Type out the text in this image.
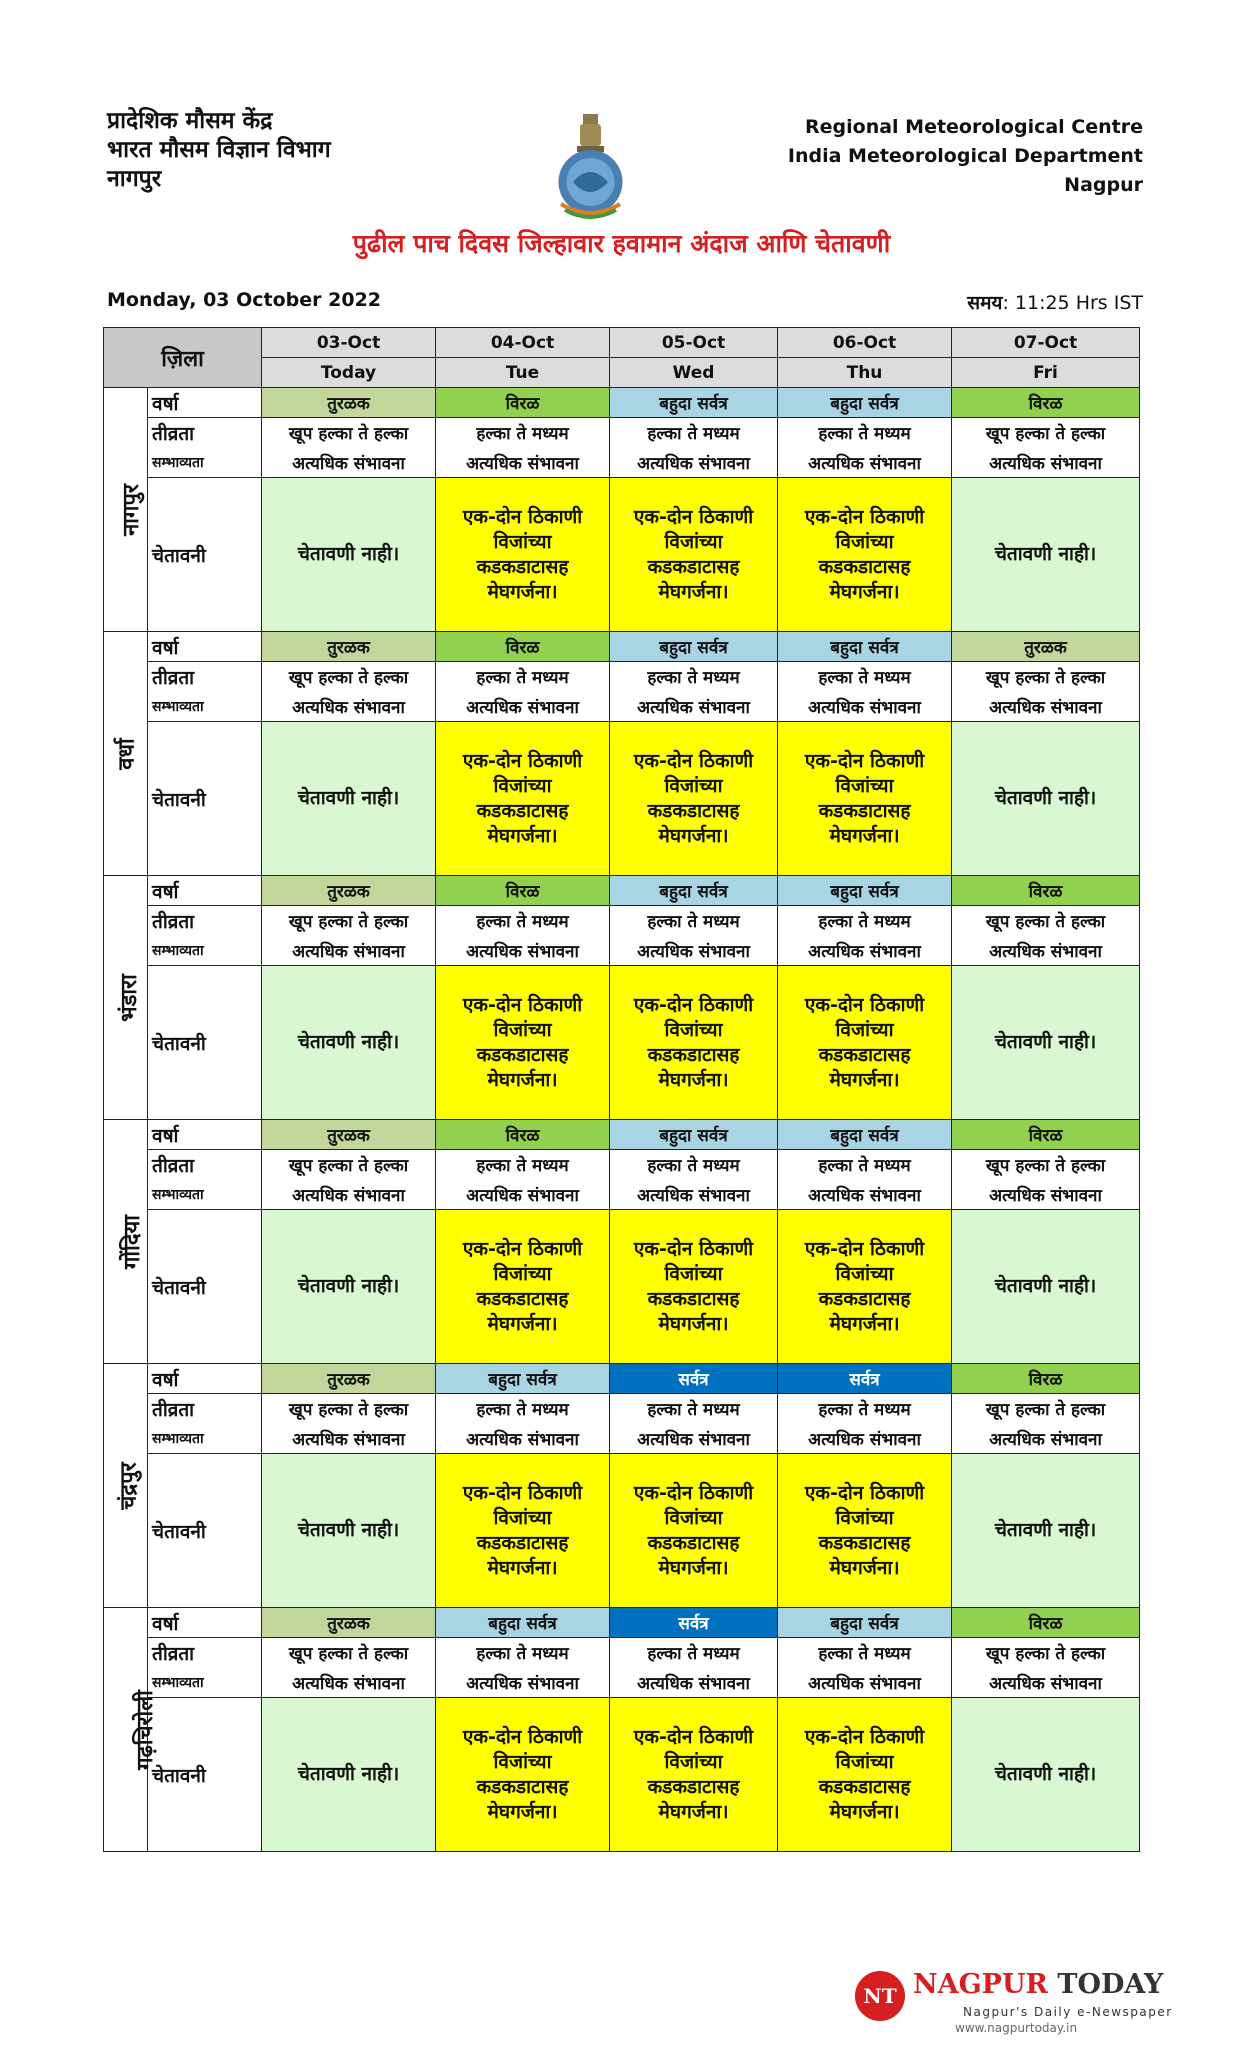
प्रादेशिक मौसम केंद्र
भारत मौसम विज्ञान विभाग
नागपुर
Regional Meteorological Centre
India Meteorological Department
Nagpur
पुढील पाच दिवस जिल्हावार हवामान अंदाज आणि चेतावणी
Monday, 03 October 2022	समय: 11:25 Hrs IST
ज़िला		03-Oct	04-Oct	05-Oct	06-Oct	07-Oct
		Today	Tue	Wed	Thu	Fri
नागपुर	वर्षा	तुरळक	विरळ	बहुदा सर्वत्र	बहुदा सर्वत्र	विरळ
	तीव्रता	खूप हल्का ते हल्का	हल्का ते मध्यम	हल्का ते मध्यम	हल्का ते मध्यम	खूप हल्का ते हल्का
	सम्भाव्यता	अत्यधिक संभावना	अत्यधिक संभावना	अत्यधिक संभावना	अत्यधिक संभावना	अत्यधिक संभावना
	चेतावनी	चेतावणी नाही।	एक-दोन ठिकाणी विजांच्या कडकडाटासह मेघगर्जना।	एक-दोन ठिकाणी विजांच्या कडकडाटासह मेघगर्जना।	एक-दोन ठिकाणी विजांच्या कडकडाटासह मेघगर्जना।	चेतावणी नाही।
वर्धा	वर्षा	तुरळक	विरळ	बहुदा सर्वत्र	बहुदा सर्वत्र	तुरळक
	तीव्रता	खूप हल्का ते हल्का	हल्का ते मध्यम	हल्का ते मध्यम	हल्का ते मध्यम	खूप हल्का ते हल्का
	सम्भाव्यता	अत्यधिक संभावना	अत्यधिक संभावना	अत्यधिक संभावना	अत्यधिक संभावना	अत्यधिक संभावना
	चेतावनी	चेतावणी नाही।	एक-दोन ठिकाणी विजांच्या कडकडाटासह मेघगर्जना।	एक-दोन ठिकाणी विजांच्या कडकडाटासह मेघगर्जना।	एक-दोन ठिकाणी विजांच्या कडकडाटासह मेघगर्जना।	चेतावणी नाही।
भंडारा	वर्षा	तुरळक	विरळ	बहुदा सर्वत्र	बहुदा सर्वत्र	विरळ
	तीव्रता	खूप हल्का ते हल्का	हल्का ते मध्यम	हल्का ते मध्यम	हल्का ते मध्यम	खूप हल्का ते हल्का
	सम्भाव्यता	अत्यधिक संभावना	अत्यधिक संभावना	अत्यधिक संभावना	अत्यधिक संभावना	अत्यधिक संभावना
	चेतावनी	चेतावणी नाही।	एक-दोन ठिकाणी विजांच्या कडकडाटासह मेघगर्जना।	एक-दोन ठिकाणी विजांच्या कडकडाटासह मेघगर्जना।	एक-दोन ठिकाणी विजांच्या कडकडाटासह मेघगर्जना।	चेतावणी नाही।
गोंदिया	वर्षा	तुरळक	विरळ	बहुदा सर्वत्र	बहुदा सर्वत्र	विरळ
	तीव्रता	खूप हल्का ते हल्का	हल्का ते मध्यम	हल्का ते मध्यम	हल्का ते मध्यम	खूप हल्का ते हल्का
	सम्भाव्यता	अत्यधिक संभावना	अत्यधिक संभावना	अत्यधिक संभावना	अत्यधिक संभावना	अत्यधिक संभावना
	चेतावनी	चेतावणी नाही।	एक-दोन ठिकाणी विजांच्या कडकडाटासह मेघगर्जना।	एक-दोन ठिकाणी विजांच्या कडकडाटासह मेघगर्जना।	एक-दोन ठिकाणी विजांच्या कडकडाटासह मेघगर्जना।	चेतावणी नाही।
चंद्रपुर	वर्षा	तुरळक	बहुदा सर्वत्र	सर्वत्र	सर्वत्र	विरळ
	तीव्रता	खूप हल्का ते हल्का	हल्का ते मध्यम	हल्का ते मध्यम	हल्का ते मध्यम	खूप हल्का ते हल्का
	सम्भाव्यता	अत्यधिक संभावना	अत्यधिक संभावना	अत्यधिक संभावना	अत्यधिक संभावना	अत्यधिक संभावना
	चेतावनी	चेतावणी नाही।	एक-दोन ठिकाणी विजांच्या कडकडाटासह मेघगर्जना।	एक-दोन ठिकाणी विजांच्या कडकडाटासह मेघगर्जना।	एक-दोन ठिकाणी विजांच्या कडकडाटासह मेघगर्जना।	चेतावणी नाही।
गढ़चिरोली	वर्षा	तुरळक	बहुदा सर्वत्र	सर्वत्र	बहुदा सर्वत्र	विरळ
	तीव्रता	खूप हल्का ते हल्का	हल्का ते मध्यम	हल्का ते मध्यम	हल्का ते मध्यम	खूप हल्का ते हल्का
	सम्भाव्यता	अत्यधिक संभावना	अत्यधिक संभावना	अत्यधिक संभावना	अत्यधिक संभावना	अत्यधिक संभावना
	चेतावनी	चेतावणी नाही।	एक-दोन ठिकाणी विजांच्या कडकडाटासह मेघगर्जना।	एक-दोन ठिकाणी विजांच्या कडकडाटासह मेघगर्जना।	एक-दोन ठिकाणी विजांच्या कडकडाटासह मेघगर्जना।	चेतावणी नाही।
NT NAGPUR TODAY
Nagpur's Daily e-Newspaper
www.nagpurtoday.in
